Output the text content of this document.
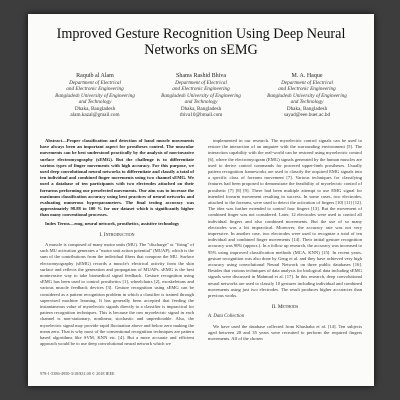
Improved Gesture Recognition Using Deep Neural Networks on sEMG
Raquib al Alam
Department of Electrical
and Electronic Engineering
Bangladesh University of Engineering
and Technology
Dhaka, Bangladesh
alam.kazal@gmail.com
Shams Rashid Bhiva
Department of Electrical
and Electronic Engineering
Bangladesh University of Engineering
and Technology
Dhaka, Bangladesh
rbiva10@bmail.com
M. A. Haque
Department of Electrical
and Electronic Engineering
Bangladesh University of Engineering
and Technology
Dhaka, Bangladesh
sayad@eee.buet.ac.bd

Abstract—Proper classification and detection of hand muscle movements have always been an important aspect for prostheses control. The muscular movements can be best understood practically by the analysis of non-invasive surface electromyography (sEMG). But the challenge is to differentiate various types of finger movements with high accuracy. For this purpose, we used deep convolutional neural networks to differentiate and classify a total of ten individual and combined finger movements using two channel sEMG. We used a database of ten participants with two electrodes attached on their forearms performing our preselected movements. Our aim was to increase the maximum classification accuracy using best practices of neural networks and evaluating numerous hyperparameters. The final testing accuracy was approximately 98.88 to 100 % for our dataset which is significantly higher than many conventional processes.

Index Terms—emg, neural network, prosthetics, assistive technology

I. Introduction

A muscle is composed of many motor units (MU). The "discharge" or "firing" of such MU activation generates a "motor unit action potential" (MUAP), which is the sum of the contributions from the individual fibers that compose the MU. Surface electromyography (sEMG) records a muscle's electrical activity from the skin surface and reflects the generation and propagation of MUAPs. sEMG is the best noninvasive way to take biomedical signal feedback. Gesture recognition using sEMG has been used to control prosthetics [1], wheelchairs [2], exoskeletons and various muscle feedback devices [3]. Gesture recognition using sEMG can be considered as a pattern recognition problem in which a classifier is trained through supervised machine learning. It has generally been accepted that feeding the instantaneous value of myoelectric signals directly to a classifier is impractical for pattern recognition techniques. This is because the raw myoelectric signal in each channel is non-stationary, nonlinear, stochastic and unpredictable. Also, the myoelectric signal may provide rapid fluctuation above and below zero making the mean zero. That is why most of the conventional recognition techniques are pattern based algorithms like SVM, KNN etc. [4]. But a more accurate and efficient approach would be to use deep convolutional neural network which we

implemented in our research. The myoelectric control signals can be used to restore the interaction of an amputee with the surrounding environment [5]. The interaction capability with the real-world can be restored using myoelectric control [6], where the electromyogram (EMG) signals generated by the human muscles are used to derive control commands for powered upper-limb prostheses. Usually pattern recognition frameworks are used to classify the acquired EMG signals into a specific class of forearm movement [7]. Various techniques for classifying features had been proposed to demonstrate the feasibility of myoelectric control of prosthetic [7] [8] [9]. There had been multiple attempt to use EMG signal for intended forearm movement resulting in success. In some cases, two electrodes, attached to the forearm, were used to detect the activation of fingers [10] [11] [12]. The idea was further extended to control four fingers [13]. But the movement of combined finger was not considered. Later, 12 electrodes were used to control all individual fingers and also combined movements. But the use of so many electrodes was a bit impractical. Moreover, the accuracy rate was not very impressive. In another case, two electrodes were used to recognize a total of ten individual and combined finger movements [14]. Their initial gesture recognition accuracy was 90% (approx.). In a follow up research, the accuracy was increased to 95% using improved classification methods (MCA, KNN) [15]. In recent years, gesture recognition was also done by Geng et al. and they have achieved very high accuracy using convolutional Neural Network on three public databases [16]. Besides that various techniques of data analysis for biological data including sEMG signals were discussed in Mahmud et al. [17]. In this research, deep convolutional neural networks are used to classify 10 gestures including individual and combined movements using just two electrodes. The result produces higher accuracies than previous works.

II. Methods
A. Data Collection

We have used the database collected from Khushaba et al. [14]. Ten subjects aged between 20 and 35 years were recruited to perform the required fingers movements. All of the chosen

978-1-5386-4950-3/18/$31.00 © 2018 IEEE
